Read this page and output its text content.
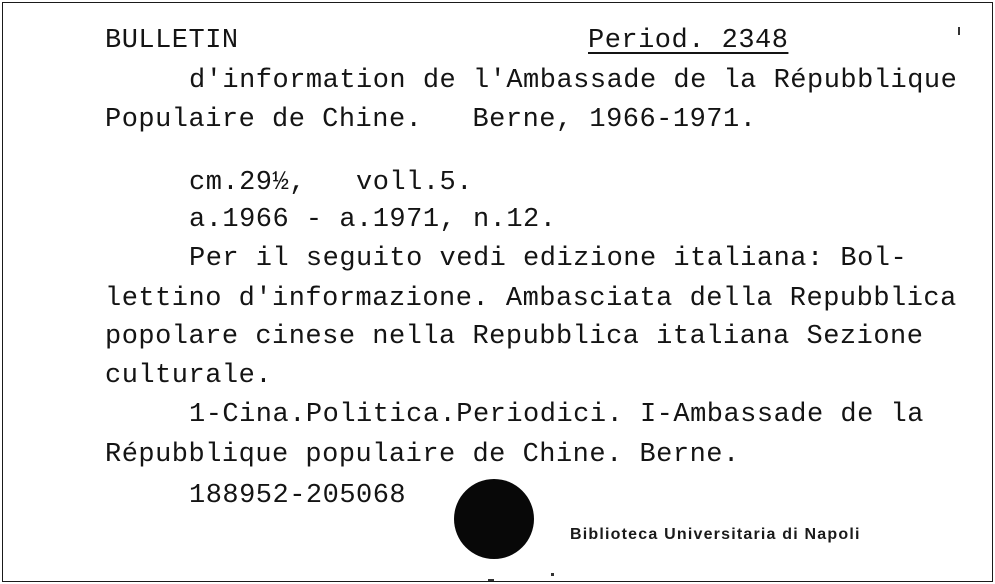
BULLETIN	Period. 2348
d'information de l'Ambassade de la Répubblique
Populaire de Chine.   Berne, 1966-1971.
cm.29½,   voll.5.
a.1966 - a.1971, n.12.
Per il seguito vedi edizione italiana: Bol-
lettino d'informazione. Ambasciata della Repubblica
popolare cinese nella Repubblica italiana Sezione
culturale.
1-Cina.Politica.Periodici. I-Ambassade de la
Répubblique populaire de Chine. Berne.
188952-205068
Biblioteca Universitaria di Napoli
